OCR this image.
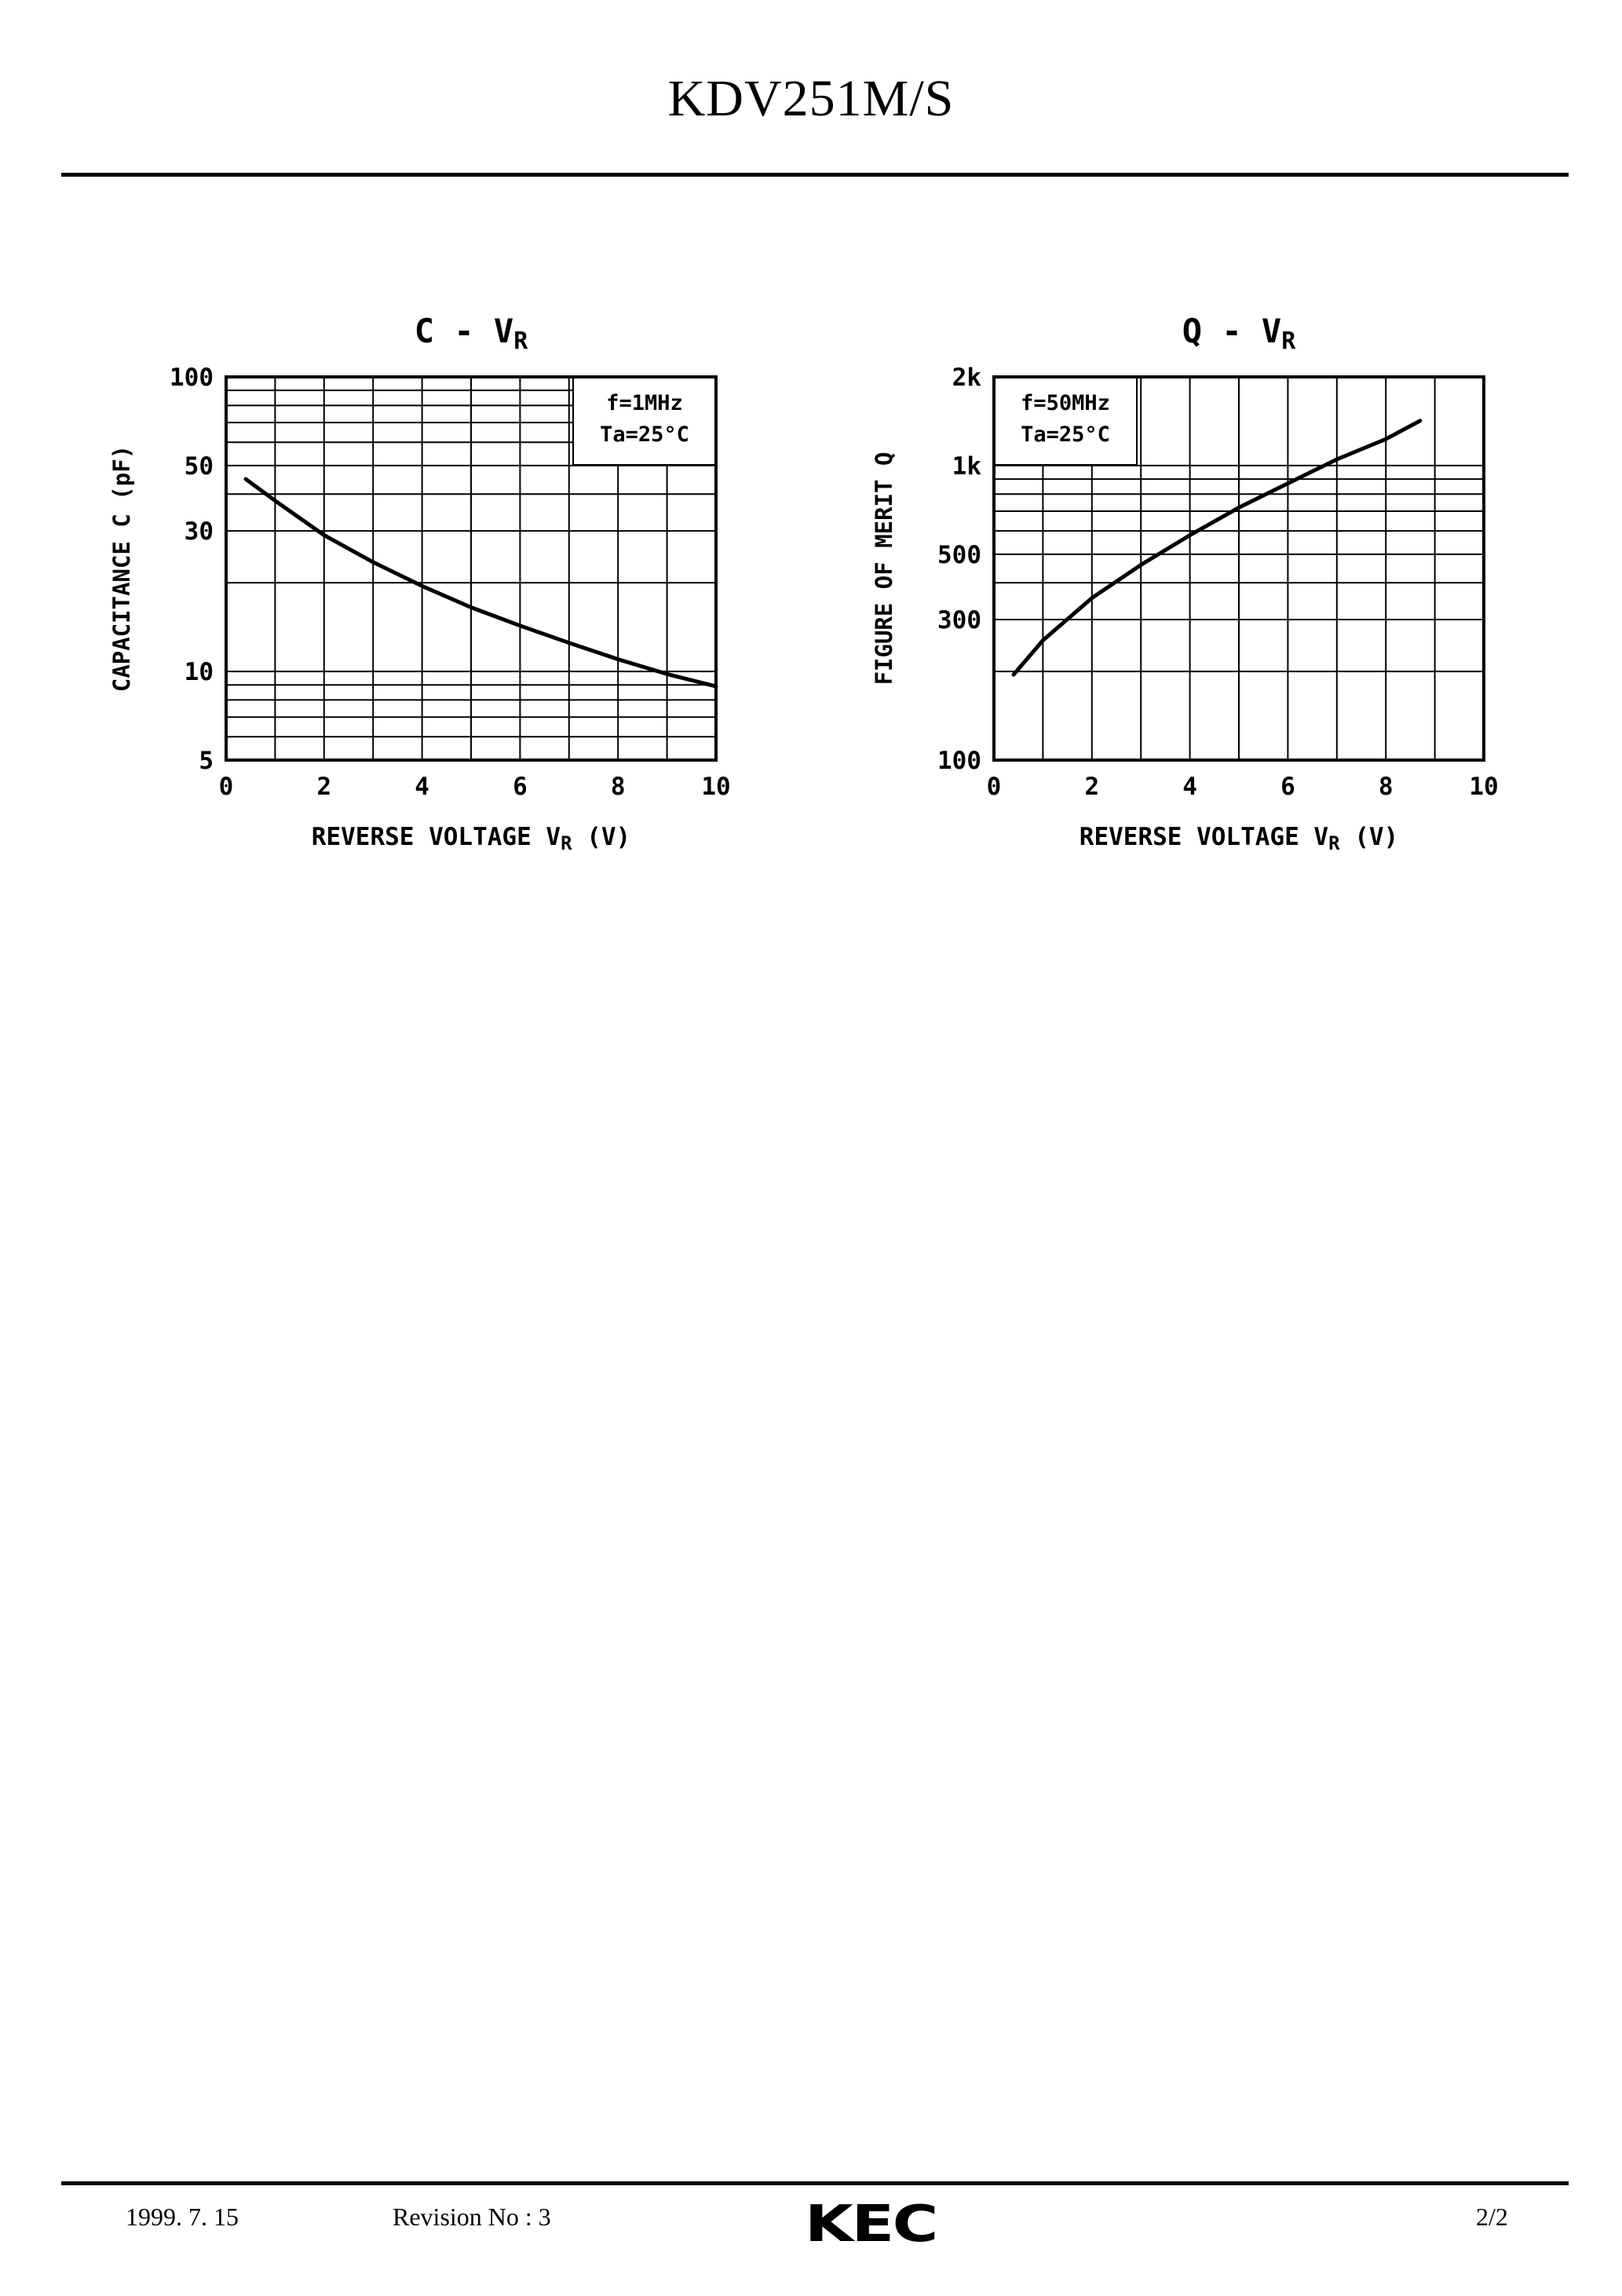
KDV251M/S
C - VR
f=1MHz
Ta=25°C
0	2	4	6	8	10
5
10
30
50
100
REVERSE VOLTAGE VR (V)
CAPACITANCE C (pF)
Q - VR
f=50MHz
Ta=25°C
0	2	4	6	8	10
100
300
500
1k
2k
REVERSE VOLTAGE VR (V)
FIGURE OF MERIT Q
1999. 7. 15	Revision No : 3	KEC	2/2
